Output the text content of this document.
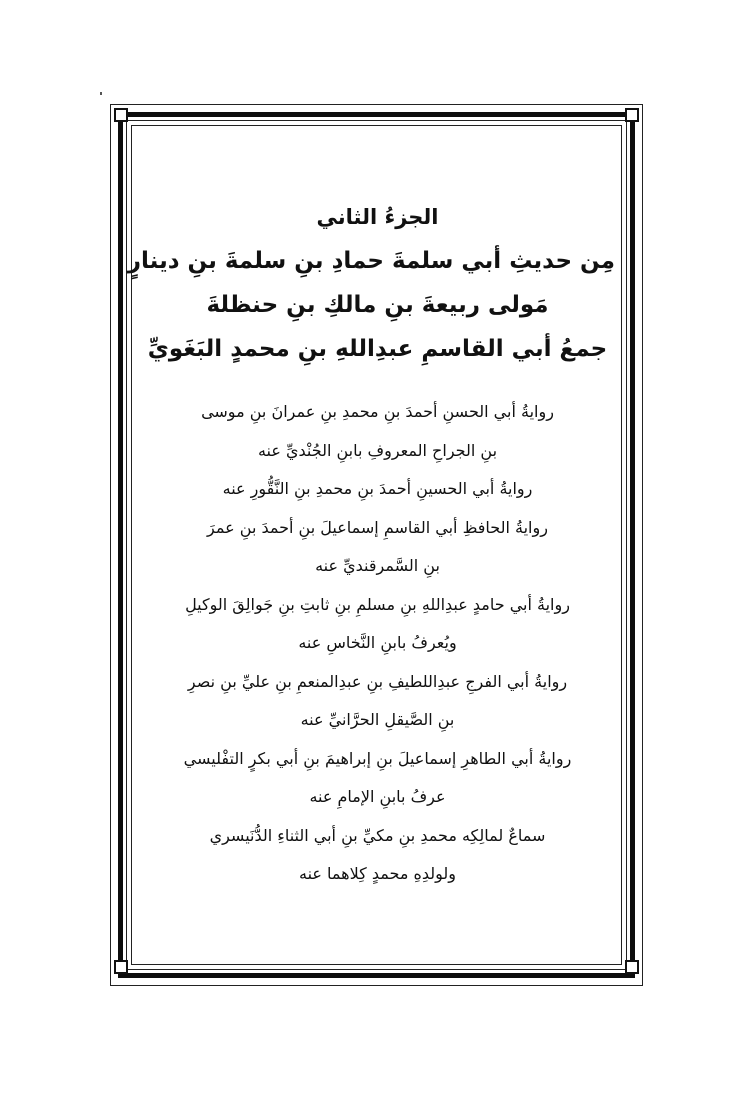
الجزءُ الثاني

مِن حديثِ أبي سلمةَ حمادِ بنِ سلمةَ بنِ دينارٍ

مَولى ربيعةَ بنِ مالكِ بنِ حنظلةَ

جمعُ أبي القاسمِ عبدِاللهِ بنِ محمدٍ البَغَويِّ

روايةُ أبي الحسنِ أحمدَ بنِ محمدِ بنِ عمرانَ بنِ موسى

بنِ الجراحِ المعروفِ بابنِ الجُنْديِّ عنه

روايةُ أبي الحسينِ أحمدَ بنِ محمدِ بنِ النَّقُّورِ عنه

روايةُ الحافظِ أبي القاسمِ إسماعيلَ بنِ أحمدَ بنِ عمرَ

بنِ السَّمرقنديِّ عنه

روايةُ أبي حامدٍ عبدِاللهِ بنِ مسلمِ بنِ ثابتِ بنِ جَوالِقَ الوكيلِ

ويُعرفُ بابنِ النَّخاسِ عنه

روايةُ أبي الفرجِ عبدِاللطيفِ بنِ عبدِالمنعمِ بنِ عليِّ بنِ نصرِ

بنِ الصَّيقلِ الحرَّانيِّ عنه

روايةُ أبي الطاهرِ إسماعيلَ بنِ إبراهيمَ بنِ أبي بكرٍ التفْليسي

عرفُ بابنِ الإمامِ عنه

سماعٌ لمالِكِه محمدِ بنِ مكيِّ بنِ أبي الثناءِ الدُّنَيسري

ولولدِهِ محمدٍ كِلاهما عنه
